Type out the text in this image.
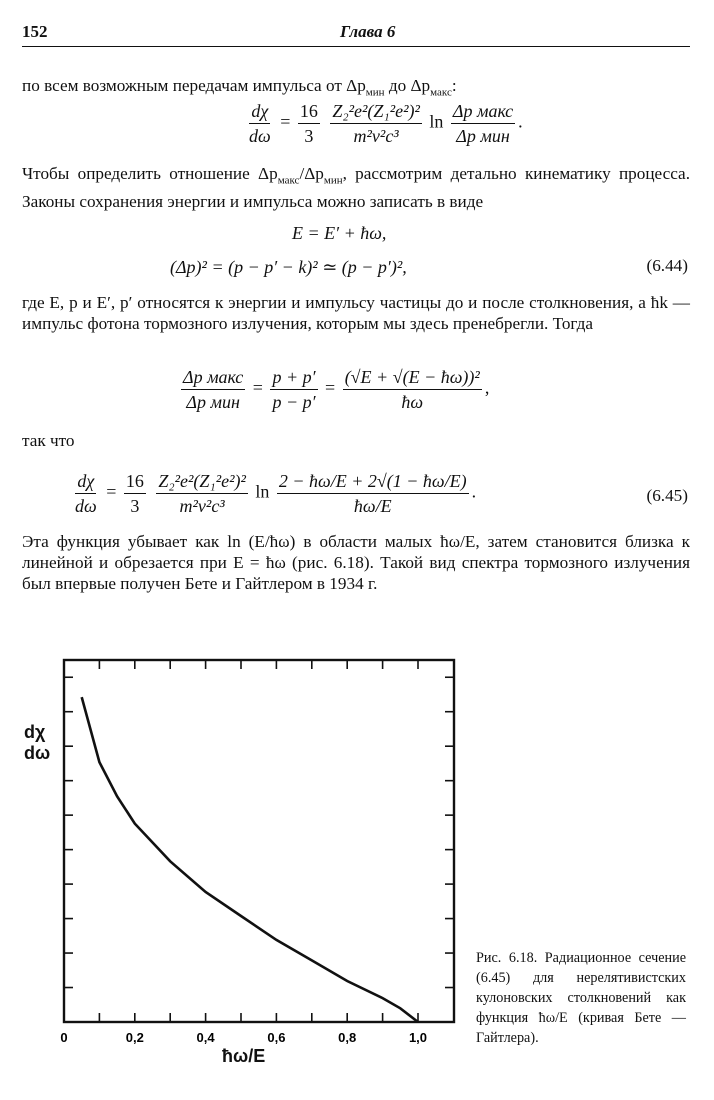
152	Глава 6
по всем возможным передачам импульса от $\Delta p_{мин}$ до $\Delta p_{макс}$:
$\frac{d\chi}{d\omega} = \frac{16}{3}$
$\frac{\text{Z₂²e²(Z₁²e²)²}}{\text{m²v²c³}}$ $\ln \frac{\text{Δp макс}}{\text{Δp мин}}$ .
Чтобы определить отношение $\Delta p_{макс}/\Delta p_{мин}$, рассмотрим детально кинематику процесса. Законы сохранения энергии и импульса можно записать в виде
E = E′ + ħω,
(Δp)² = (p − p′ − k)² ≃ (p − p′)²,	(6.44)
где E, p и E′, p′ относятся к энергии и импульсу частицы до и после столкновения, а ħk — импульс фотона тормозного излучения, которым мы здесь пренебрегли. Тогда
$\frac{\text{Δp макс}}{\text{Δp мин}} = \frac{p + p'}{p - p'} = \frac{\text{(√E + √(E − ħω))²}}{ħ\omega}$ ,
так что
$\frac{d\chi}{d\omega} = \frac{16}{3}$
$\frac{\text{Z₂²e²(Z₁²e²)²}}{\text{m²v²c³}}$ $\ln \frac{2 - ħ\omega/E + 2√(1 - ħ\omega/E)}{ħ\omega/E}$ .	(6.45)
Эта функция убывает как ln (E/ħω) в области малых ħω/E, затем становится близка к линейной и обрезается при E = ħω (рис. 6.18). Такой вид спектра тормозного излучения был впервые получен Бете и Гайтлером в 1934 г.
0	0,2	0,4	0,6	0,8	1,0
dχ
dω
ħω/E
Рис. 6.18. Радиационное сечение (6.45) для нерелятивистских кулоновских столкновений как функция ħω/E (кривая Бете — Гайтлера).
